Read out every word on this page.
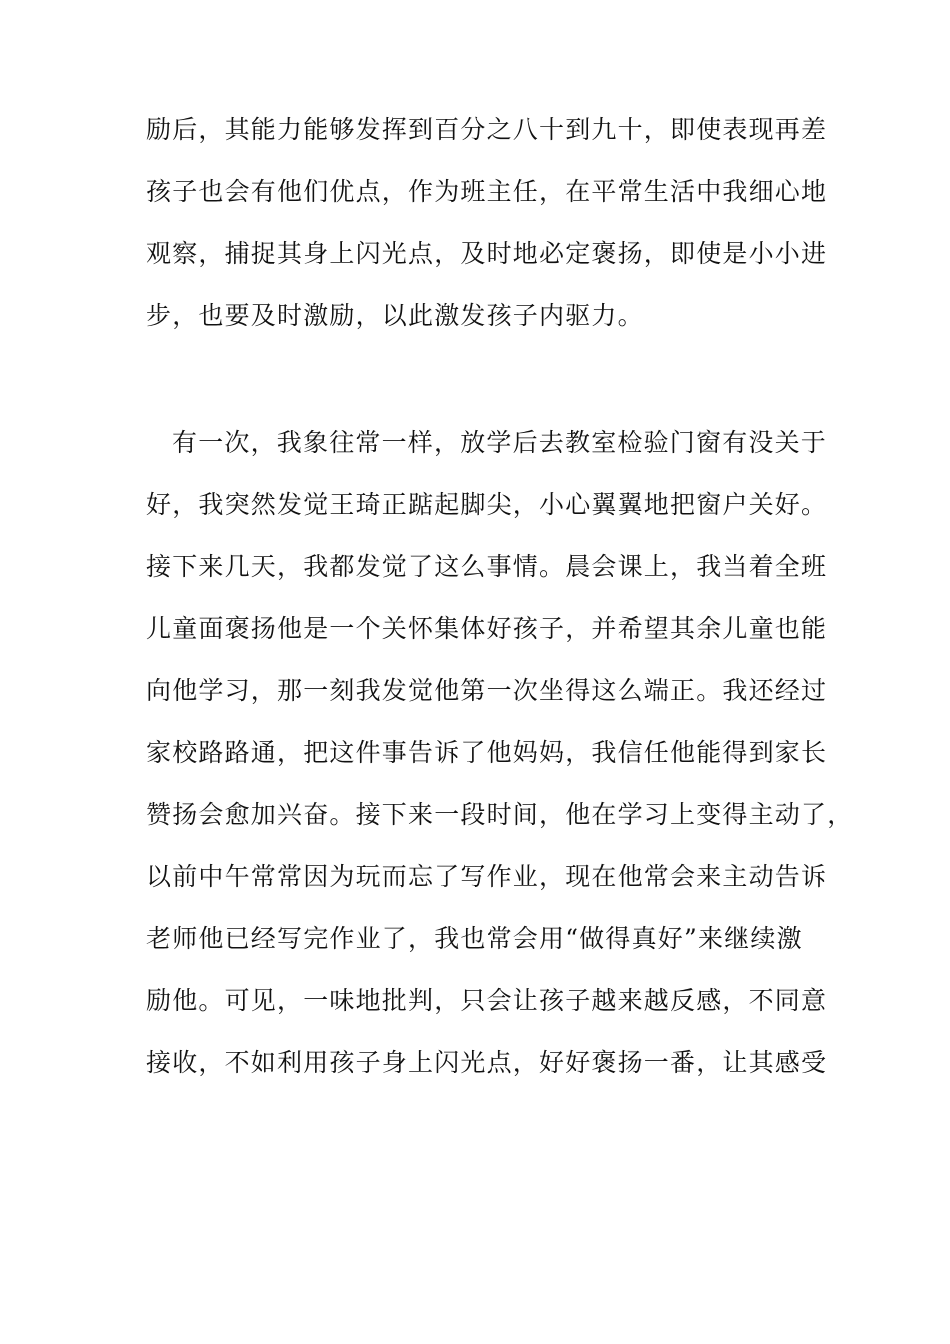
励后，其能力能够发挥到百分之八十到九十，即使表现再差
孩子也会有他们优点，作为班主任，在平常生活中我细心地
观察，捕捉其身上闪光点，及时地必定褒扬，即使是小小进
步，也要及时激励，以此激发孩子内驱力。
有一次，我象往常一样，放学后去教室检验门窗有没关于
好，我突然发觉王琦正踮起脚尖，小心翼翼地把窗户关好。
接下来几天，我都发觉了这么事情。晨会课上，我当着全班
儿童面褒扬他是一个关怀集体好孩子，并希望其余儿童也能
向他学习，那一刻我发觉他第一次坐得这么端正。我还经过
家校路路通，把这件事告诉了他妈妈，我信任他能得到家长
赞扬会愈加兴奋。接下来一段时间，他在学习上变得主动了，
以前中午常常因为玩而忘了写作业，现在他常会来主动告诉
老师他已经写完作业了，我也常会用“做得真好”来继续激
励他。可见，一味地批判，只会让孩子越来越反感，不同意
接收，不如利用孩子身上闪光点，好好褒扬一番，让其感受
